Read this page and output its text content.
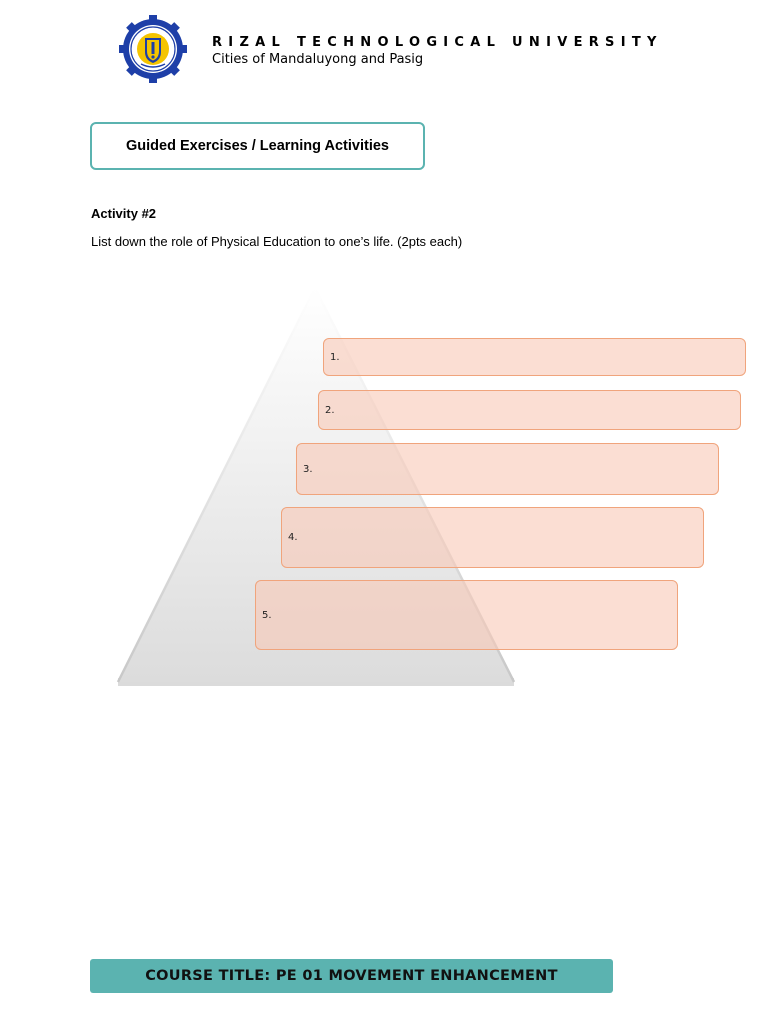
RIZAL TECHNOLOGICAL UNIVERSITY
Cities of Mandaluyong and Pasig
Guided Exercises / Learning Activities
Activity #2
List down the role of Physical Education to one’s life. (2pts each)
1.
2.
3.
4.
5.
COURSE TITLE: PE 01 MOVEMENT ENHANCEMENT
